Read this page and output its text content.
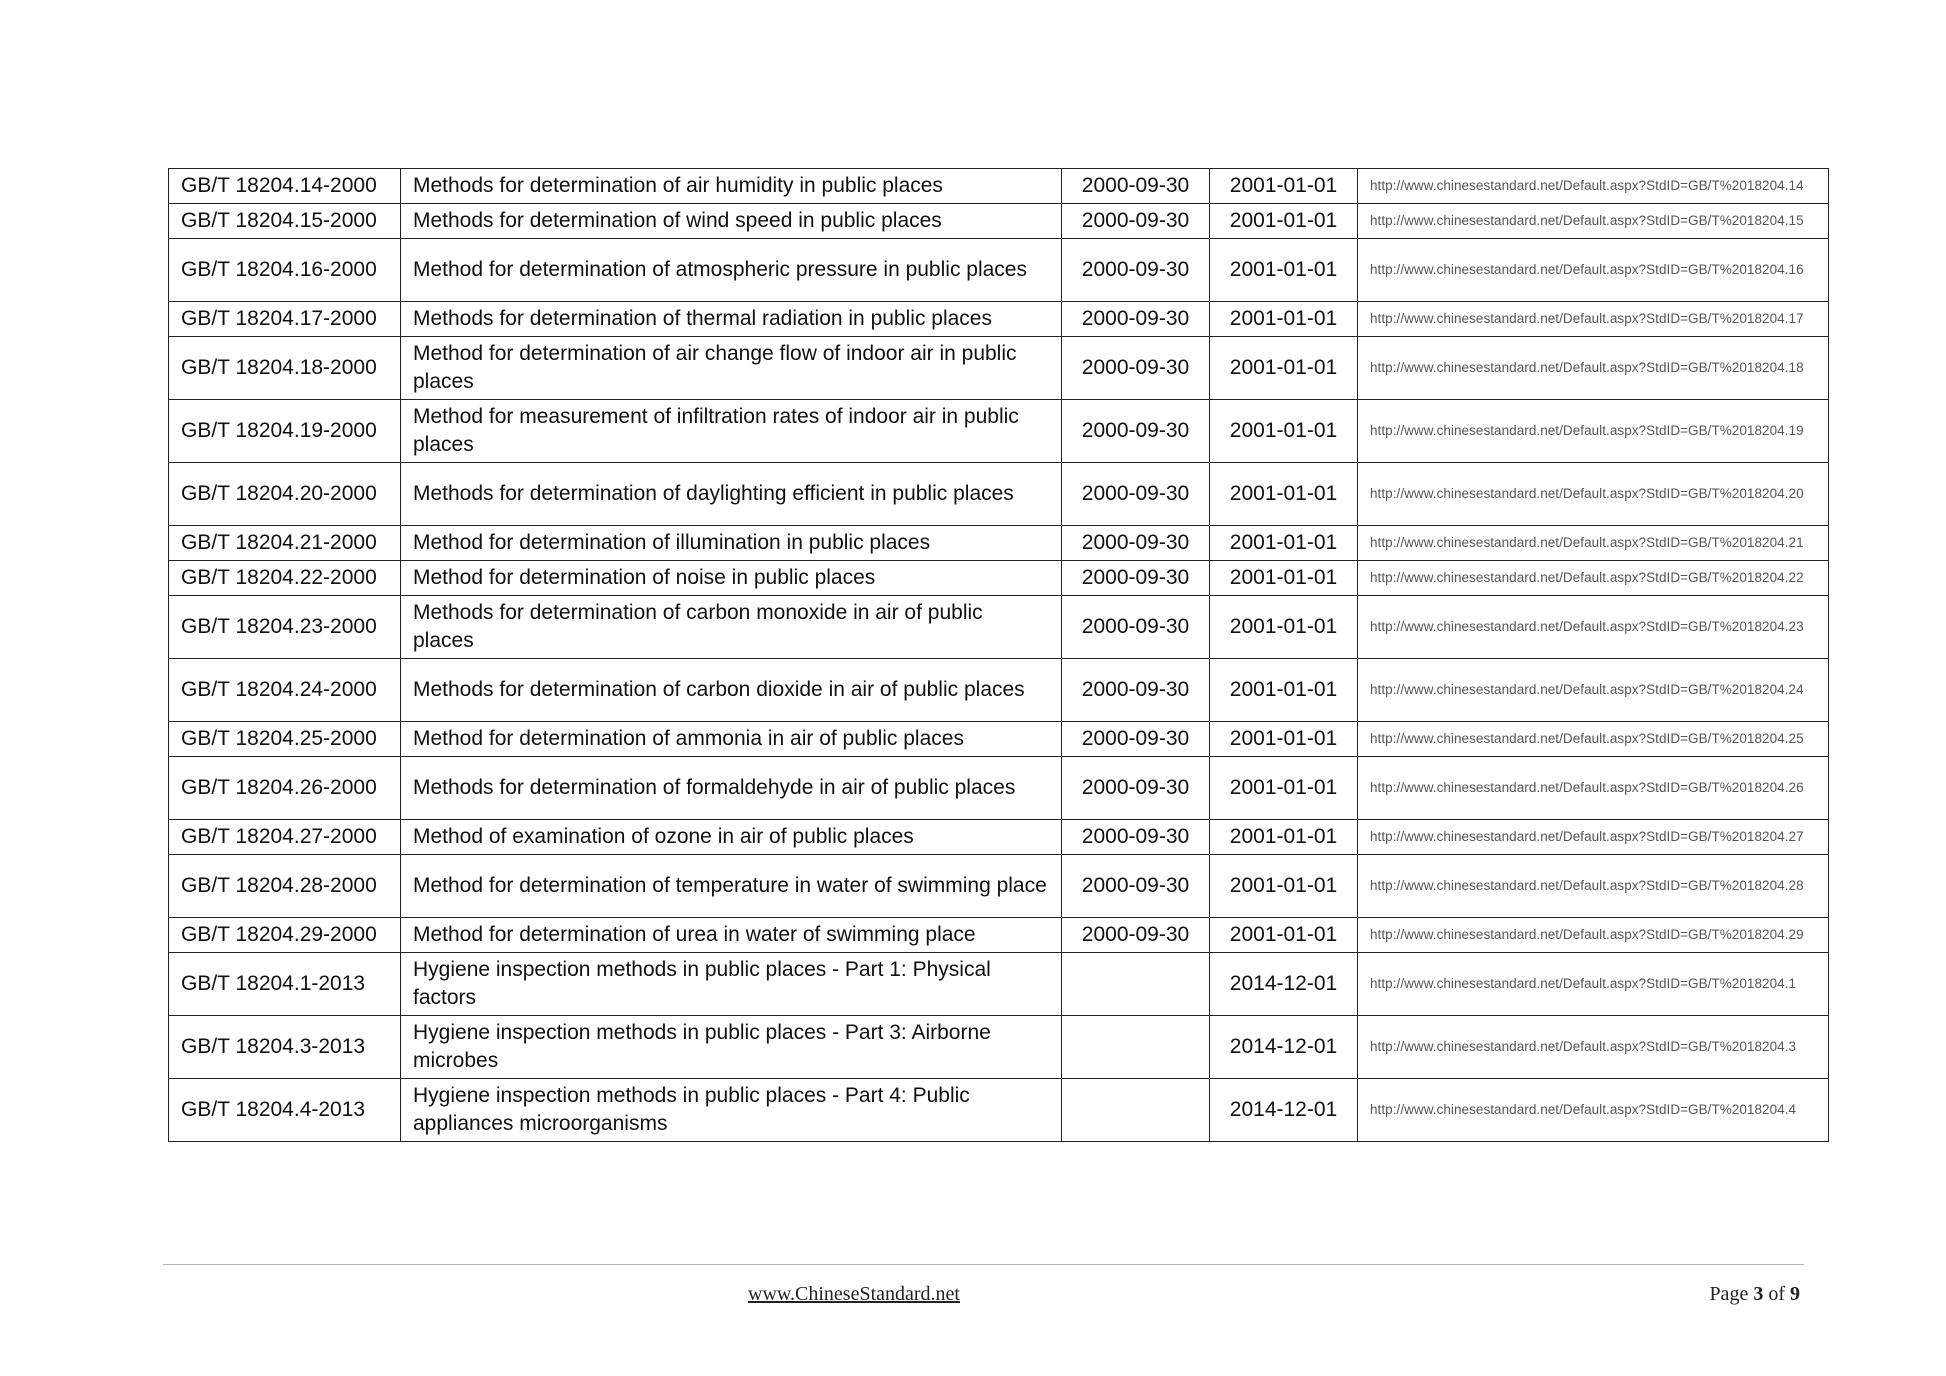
GB/T 18204.14-2000	Methods for determination of air humidity in public places	2000-09-30	2001-01-01	http://www.chinesestandard.net/Default.aspx?StdID=GB/T%2018204.14
GB/T 18204.15-2000	Methods for determination of wind speed in public places	2000-09-30	2001-01-01	http://www.chinesestandard.net/Default.aspx?StdID=GB/T%2018204.15
GB/T 18204.16-2000	Method for determination of atmospheric pressure in public places	2000-09-30	2001-01-01	http://www.chinesestandard.net/Default.aspx?StdID=GB/T%2018204.16
GB/T 18204.17-2000	Methods for determination of thermal radiation in public places	2000-09-30	2001-01-01	http://www.chinesestandard.net/Default.aspx?StdID=GB/T%2018204.17
GB/T 18204.18-2000	Method for determination of air change flow of indoor air in public places	2000-09-30	2001-01-01	http://www.chinesestandard.net/Default.aspx?StdID=GB/T%2018204.18
GB/T 18204.19-2000	Method for measurement of infiltration rates of indoor air in public places	2000-09-30	2001-01-01	http://www.chinesestandard.net/Default.aspx?StdID=GB/T%2018204.19
GB/T 18204.20-2000	Methods for determination of daylighting efficient in public places	2000-09-30	2001-01-01	http://www.chinesestandard.net/Default.aspx?StdID=GB/T%2018204.20
GB/T 18204.21-2000	Method for determination of illumination in public places	2000-09-30	2001-01-01	http://www.chinesestandard.net/Default.aspx?StdID=GB/T%2018204.21
GB/T 18204.22-2000	Method for determination of noise in public places	2000-09-30	2001-01-01	http://www.chinesestandard.net/Default.aspx?StdID=GB/T%2018204.22
GB/T 18204.23-2000	Methods for determination of carbon monoxide in air of public places	2000-09-30	2001-01-01	http://www.chinesestandard.net/Default.aspx?StdID=GB/T%2018204.23
GB/T 18204.24-2000	Methods for determination of carbon dioxide in air of public places	2000-09-30	2001-01-01	http://www.chinesestandard.net/Default.aspx?StdID=GB/T%2018204.24
GB/T 18204.25-2000	Method for determination of ammonia in air of public places	2000-09-30	2001-01-01	http://www.chinesestandard.net/Default.aspx?StdID=GB/T%2018204.25
GB/T 18204.26-2000	Methods for determination of formaldehyde in air of public places	2000-09-30	2001-01-01	http://www.chinesestandard.net/Default.aspx?StdID=GB/T%2018204.26
GB/T 18204.27-2000	Method of examination of ozone in air of public places	2000-09-30	2001-01-01	http://www.chinesestandard.net/Default.aspx?StdID=GB/T%2018204.27
GB/T 18204.28-2000	Method for determination of temperature in water of swimming place	2000-09-30	2001-01-01	http://www.chinesestandard.net/Default.aspx?StdID=GB/T%2018204.28
GB/T 18204.29-2000	Method for determination of urea in water of swimming place	2000-09-30	2001-01-01	http://www.chinesestandard.net/Default.aspx?StdID=GB/T%2018204.29
GB/T 18204.1-2013	Hygiene inspection methods in public places - Part 1: Physical factors		2014-12-01	http://www.chinesestandard.net/Default.aspx?StdID=GB/T%2018204.1
GB/T 18204.3-2013	Hygiene inspection methods in public places - Part 3: Airborne microbes		2014-12-01	http://www.chinesestandard.net/Default.aspx?StdID=GB/T%2018204.3
GB/T 18204.4-2013	Hygiene inspection methods in public places - Part 4: Public appliances microorganisms		2014-12-01	http://www.chinesestandard.net/Default.aspx?StdID=GB/T%2018204.4
www.ChineseStandard.net	Page 3 of 9
